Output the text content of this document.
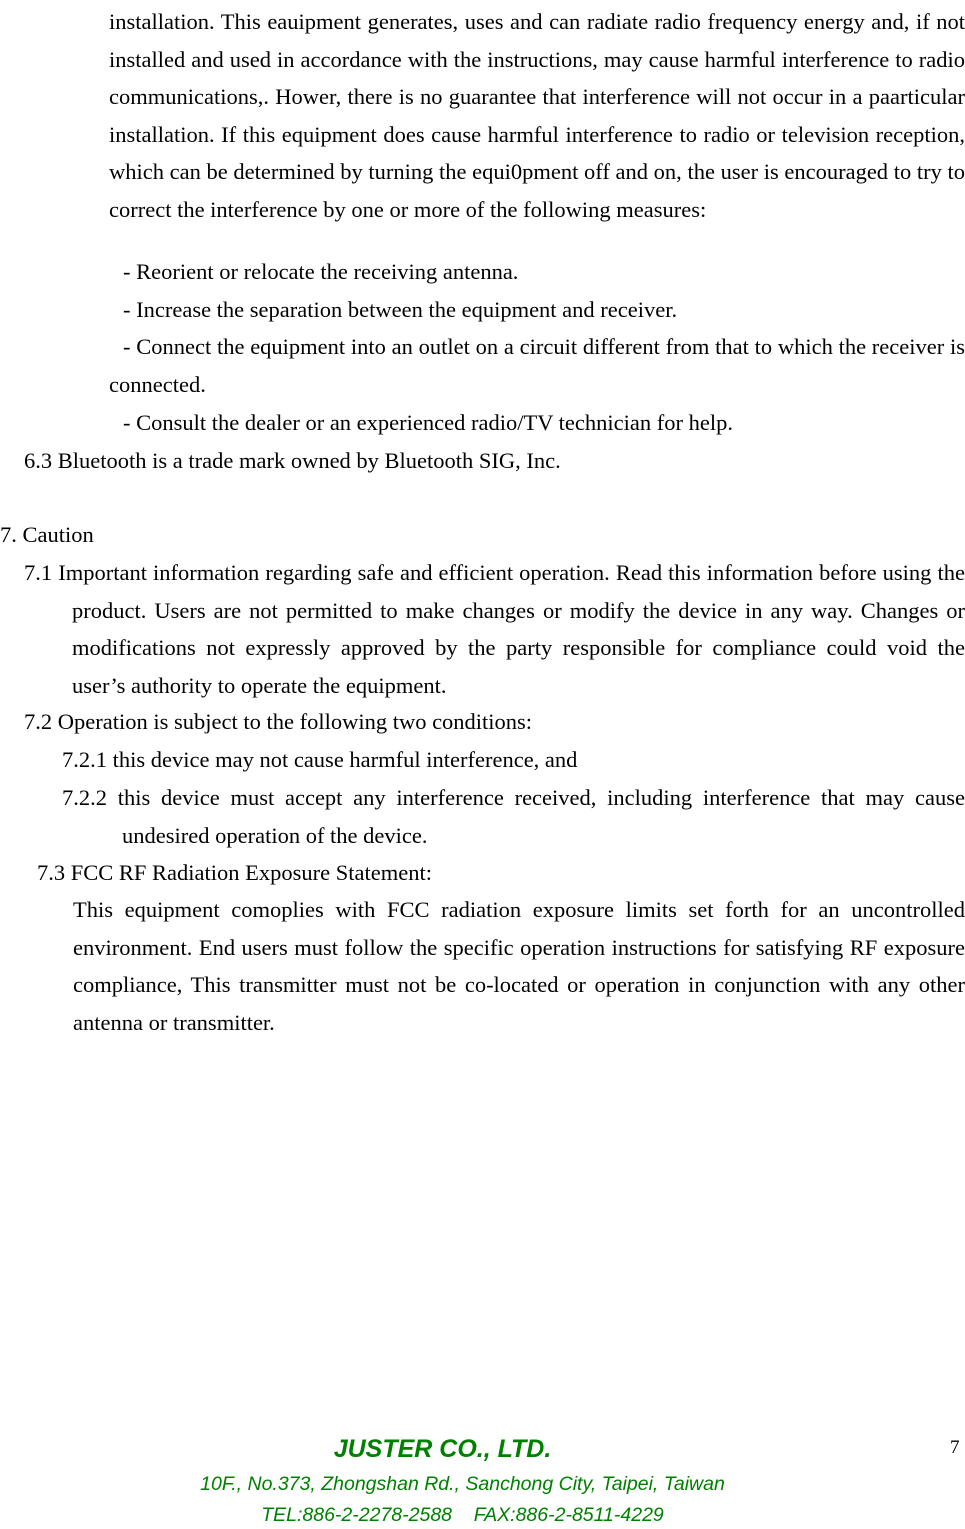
installation. This eauipment generates, uses and can radiate radio frequency energy and, if not installed and used in accordance with the instructions, may cause harmful interference to radio communications,. Hower, there is no guarantee that interference will not occur in a paarticular installation. If this equipment does cause harmful interference to radio or television reception, which can be determined by turning the equi0pment off and on, the user is encouraged to try to correct the interference by one or more of the following measures:

- Reorient or relocate the receiving antenna.

- Increase the separation between the equipment and receiver.

- Connect the equipment into an outlet on a circuit different from that to which the receiver is connected.

- Consult the dealer or an experienced radio/TV technician for help.

6.3 Bluetooth is a trade mark owned by Bluetooth SIG, Inc.

7. Caution

7.1 Important information regarding safe and efficient operation. Read this information before using the product. Users are not permitted to make changes or modify the device in any way. Changes or modifications not expressly approved by the party responsible for compliance could void the user’s authority to operate the equipment.

7.2 Operation is subject to the following two conditions:

7.2.1 this device may not cause harmful interference, and

7.2.2 this device must accept any interference received, including interference that may cause undesired operation of the device.

7.3 FCC RF Radiation Exposure Statement:

This equipment comoplies with FCC radiation exposure limits set forth for an uncontrolled environment. End users must follow the specific operation instructions for satisfying RF exposure compliance, This transmitter must not be co-located or operation in conjunction with any other antenna or transmitter.

JUSTER CO., LTD.
10F., No.373, Zhongshan Rd., Sanchong City, Taipei, Taiwan
TEL:886-2-2278-2588    FAX:886-2-8511-4229
7
